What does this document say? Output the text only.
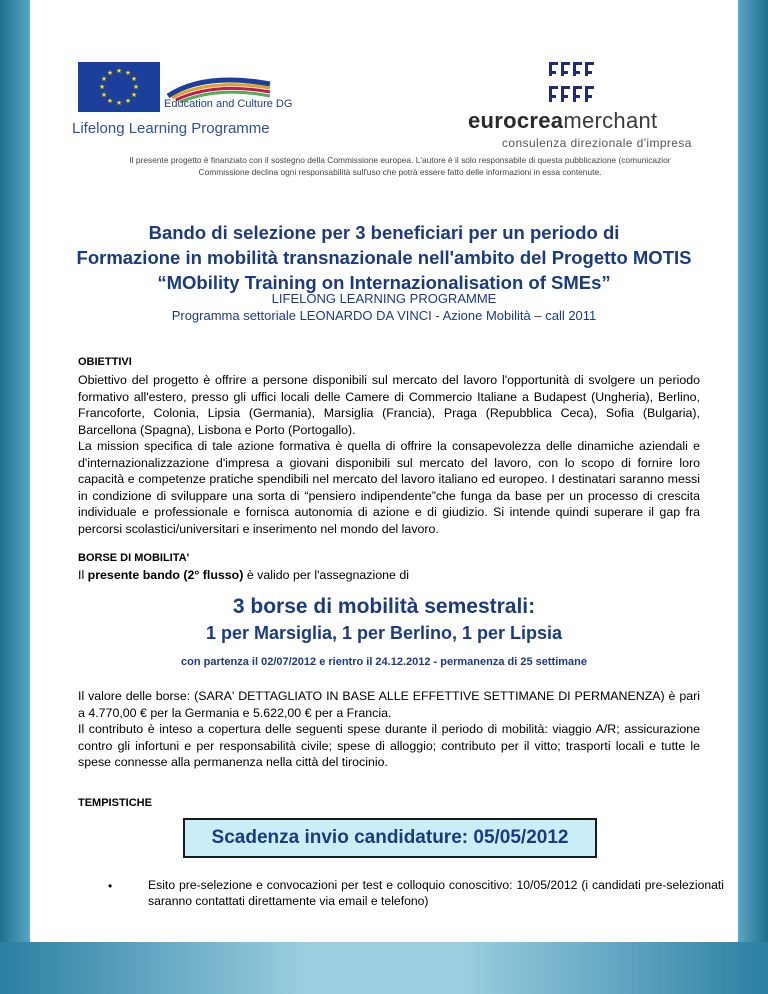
★ ★
★
★
★
★
★
★
★
★
★
★
Education and Culture DG
Lifelong Learning Programme	eurocreamerchant
consulenza direzionale d'impresa
Il presente progetto è finanziato con il sostegno della Commissione europea. L'autore è il solo responsabile di questa pubblicazione (comunicazior
Commissione declina ogni responsabilità sull'uso che potrà essere fatto delle informazioni in essa contenute.
Bando di selezione per 3 beneficiari per un periodo di
Formazione in mobilità transnazionale nell'ambito del Progetto MOTIS
“MObility Training on Internazionalisation of SMEs”
LIFELONG LEARNING PROGRAMME
Programma settoriale LEONARDO DA VINCI - Azione Mobilità – call 2011
OBIETTIVI
Obiettivo del progetto è offrire a persone disponibili sul mercato del lavoro l'opportunità di svolgere un periodo formativo all'estero, presso gli uffici locali delle Camere di Commercio Italiane a Budapest (Ungheria), Berlino, Francoforte, Colonia, Lipsia (Germania), Marsiglia (Francia), Praga (Repubblica Ceca), Sofia (Bulgaria), Barcellona (Spagna), Lisbona e Porto (Portogallo).
La mission specifica di tale azione formativa è quella di offrire la consapevolezza delle dinamiche aziendali e d'internazionalizzazione d'impresa a giovani disponibili sul mercato del lavoro, con lo scopo di fornire loro capacità e competenze pratiche spendibili nel mercato del lavoro italiano ed europeo. I destinatari saranno messi in condizione di sviluppare una sorta di “pensiero indipendente”che funga da base per un processo di crescita individuale e professionale e fornisca autonomia di azione e di giudizio. Si intende quindi superare il gap fra percorsi scolastici/universitari e inserimento nel mondo del lavoro.
BORSE DI MOBILITA'
Il presente bando (2° flusso) è valido per l'assegnazione di
3 borse di mobilità semestrali:
1 per Marsiglia, 1 per Berlino, 1 per Lipsia
con partenza il 02/07/2012 e rientro il 24.12.2012 - permanenza di 25 settimane
Il valore delle borse: (SARA' DETTAGLIATO IN BASE ALLE EFFETTIVE SETTIMANE DI PERMANENZA) è pari a 4.770,00 € per la Germania e 5.622,00 € per a Francia.
Il contributo è inteso a copertura delle seguenti spese durante il periodo di mobilità: viaggio A/R; assicurazione contro gli infortuni e per responsabilità civile; spese di alloggio; contributo per il vitto; trasporti locali e tutte le spese connesse alla permanenza nella città del tirocinio.
TEMPISTICHE
Scadenza invio candidature: 05/05/2012
•	Esito pre-selezione e convocazioni per test e colloquio conoscitivo: 10/05/2012 (i candidati pre-selezionati saranno contattati direttamente via email e telefono)
